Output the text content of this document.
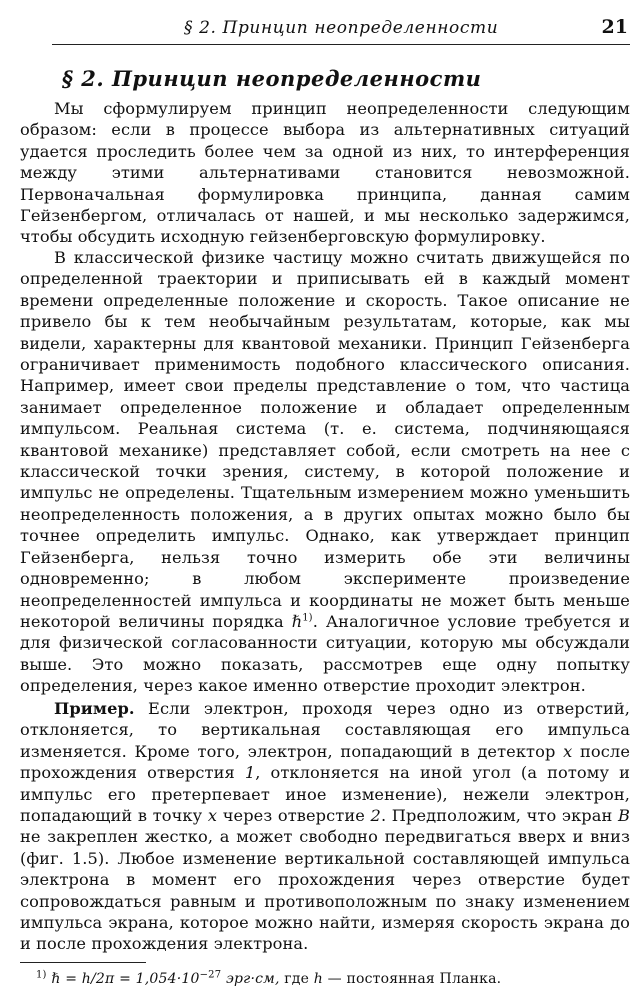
§ 2. Принцип неопределенности	21
§ 2. Принцип неопределенности

Мы сформулируем принцип неопределенности следующим образом: если в процессе выбора из альтернативных ситуаций удается проследить более чем за одной из них, то интерференция между этими альтернативами становится невозможной. Первоначальная формулировка принципа, данная самим Гейзенбергом, отличалась от нашей, и мы несколько задержимся, чтобы обсудить исходную гейзенберговскую формулировку.

В классической физике частицу можно считать движущейся по определенной траектории и приписывать ей в каждый момент времени определенные положение и скорость. Такое описание не привело бы к тем необычайным результатам, которые, как мы видели, характерны для квантовой механики. Принцип Гейзенберга ограничивает применимость подобного классического описания. Например, имеет свои пределы представление о том, что частица занимает определенное положение и обладает определенным импульсом. Реальная система (т. е. система, подчиняющаяся квантовой механике) представляет собой, если смотреть на нее с классической точки зрения, систему, в которой положение и импульс не определены. Тщательным измерением можно уменьшить неопределенность положения, а в других опытах можно было бы точнее определить импульс. Однако, как утверждает принцип Гейзенберга, нельзя точно измерить обе эти величины одновременно; в любом эксперименте произведение неопределенностей импульса и координаты не может быть меньше некоторой величины порядка ℏ$^{1)}$. Аналогичное условие требуется и для физической согласованности ситуации, которую мы обсуждали выше. Это можно показать, рассмотрев еще одну попытку определения, через какое именно отверстие проходит электрон.

Пример. Если электрон, проходя через одно из отверстий, отклоняется, то вертикальная составляющая его импульса изменяется. Кроме того, электрон, попадающий в детектор x после прохождения отверстия 1, отклоняется на иной угол (а потому и импульс его претерпевает иное изменение), нежели электрон, попадающий в точку x через отверстие 2. Предположим, что экран B не закреплен жестко, а может свободно передвигаться вверх и вниз (фиг. 1.5). Любое изменение вертикальной составляющей импульса электрона в момент его прохождения через отверстие будет сопровождаться равным и противоположным по знаку изменением импульса экрана, которое можно найти, измеряя скорость экрана до и после прохождения электрона.

$^{1)}$ ℏ = $h/2\pi = 1,054\cdot 10^{-27}$ эрг·см, где h — постоянная Планка.
